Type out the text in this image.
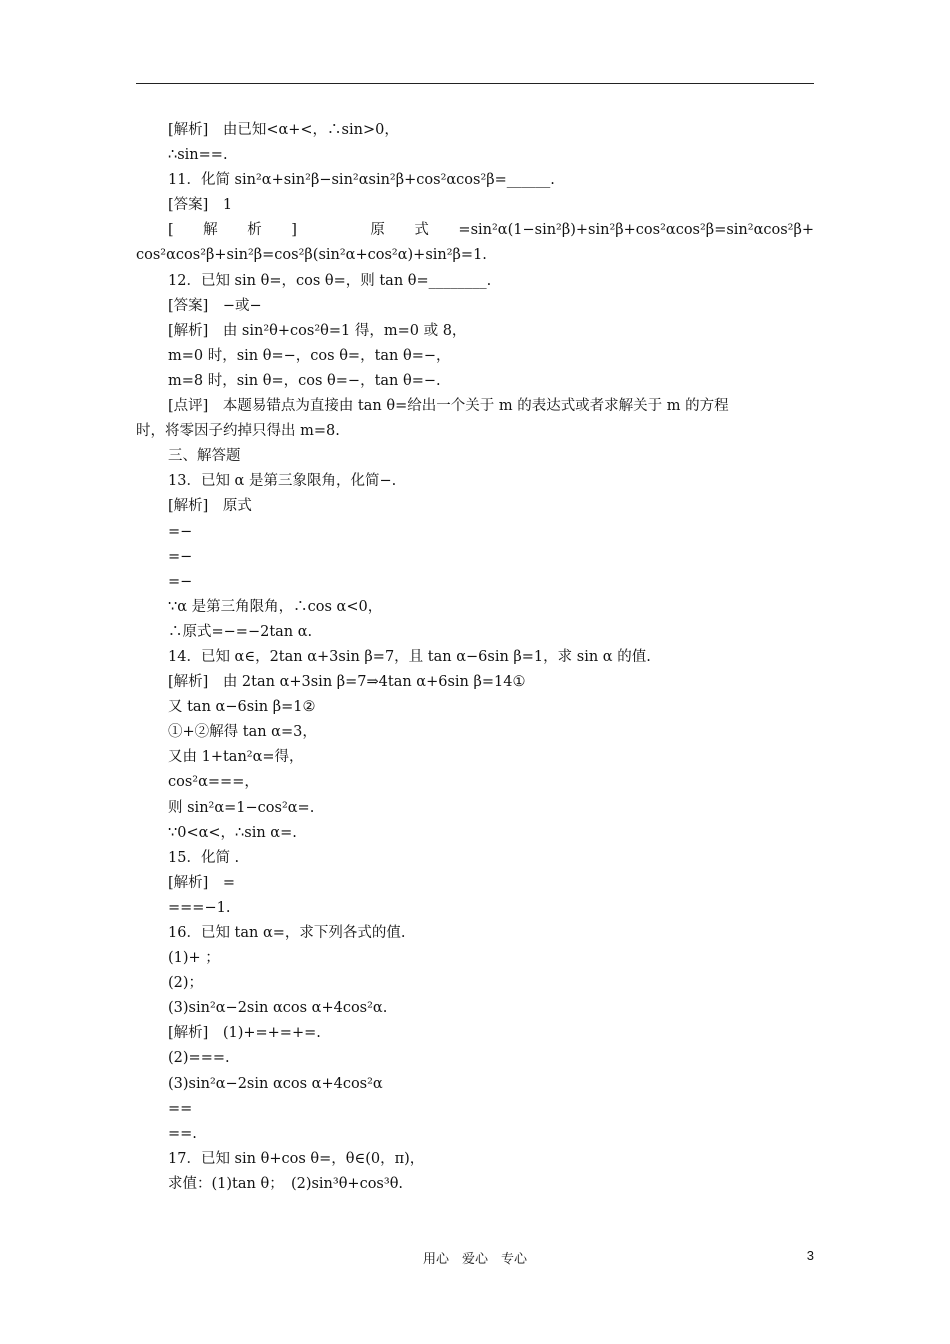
[解析]　由已知<α+<，∴sin>0，
∴sin==.
11．化简 sin²α+sin²β−sin²αsin²β+cos²αcos²β=______.
[答案]　1
[解析]　原式=sin²α(1−sin²β)+sin²β+cos²αcos²β=sin²αcos²β+
cos²αcos²β+sin²β=cos²β(sin²α+cos²α)+sin²β=1.
12．已知 sin θ=，cos θ=，则 tan θ=________.
[答案]　−或−
[解析]　由 sin²θ+cos²θ=1 得，m=0 或 8，
m=0 时，sin θ=−，cos θ=，tan θ=−，
m=8 时，sin θ=，cos θ=−，tan θ=−.
[点评]　本题易错点为直接由 tan θ=给出一个关于 m 的表达式或者求解关于 m 的方程
时，将零因子约掉只得出 m=8.
三、解答题
13．已知 α 是第三象限角，化简−.
[解析]　原式
=−
=−
=−
∵α 是第三角限角，∴cos α<0，
∴原式=−=−2tan α.
14．已知 α∈，2tan α+3sin β=7，且 tan α−6sin β=1，求 sin α 的值.
[解析]　由 2tan α+3sin β=7⇒4tan α+6sin β=14①
又 tan α−6sin β=1②
①+②解得 tan α=3，
又由 1+tan²α=得，
cos²α===，
则 sin²α=1−cos²α=.
∵0<α<，∴sin α=.
15．化简 .
[解析]　=
===−1.
16．已知 tan α=，求下列各式的值.
(1)+ ；
(2)；
(3)sin²α−2sin αcos α+4cos²α.
[解析]　(1)+=+=+=.
(2)===.
(3)sin²α−2sin αcos α+4cos²α
==
==.
17．已知 sin θ+cos θ=，θ∈(0，π)，
求值：(1)tan θ；　(2)sin³θ+cos³θ.
用心　爱心　专心	3
